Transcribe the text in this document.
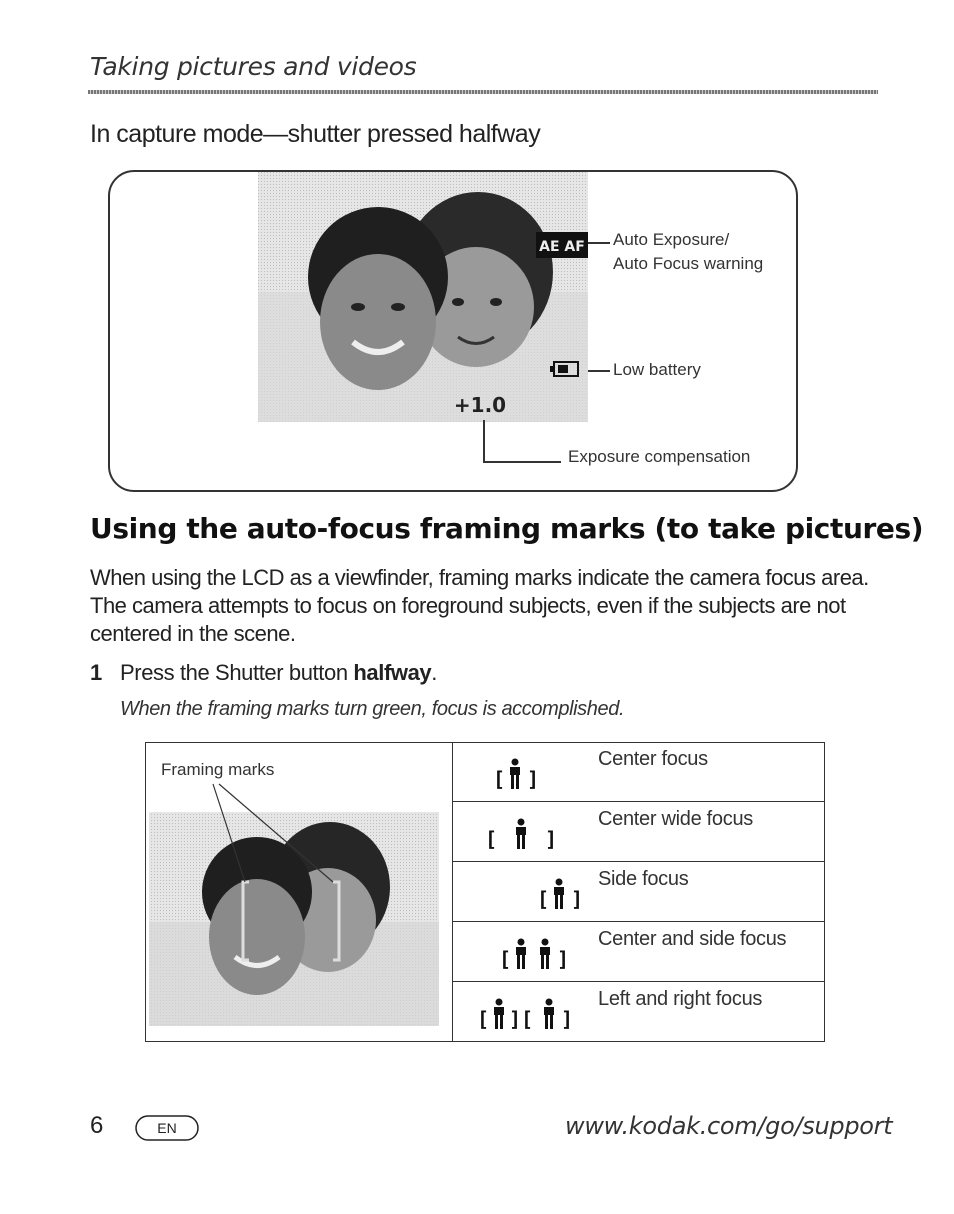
Taking pictures and videos
In capture mode—shutter pressed halfway
AE AF
+1.0
Auto Exposure/
Auto Focus warning
Low battery
Exposure compensation
Using the auto-focus framing marks (to take pictures)
When using the LCD as a viewfinder, framing marks indicate the camera focus area. The camera attempts to focus on foreground subjects, even if the subjects are not centered in the scene.
1 Press the Shutter button halfway.
When the framing marks turn green, focus is accomplished.
Framing marks	[ ]
Center focus
[ ]
Center wide focus
[ ]
Side focus
[ ]
Center and side focus
[ ][ ]
Left and right focus
6	EN	www.kodak.com/go/support
